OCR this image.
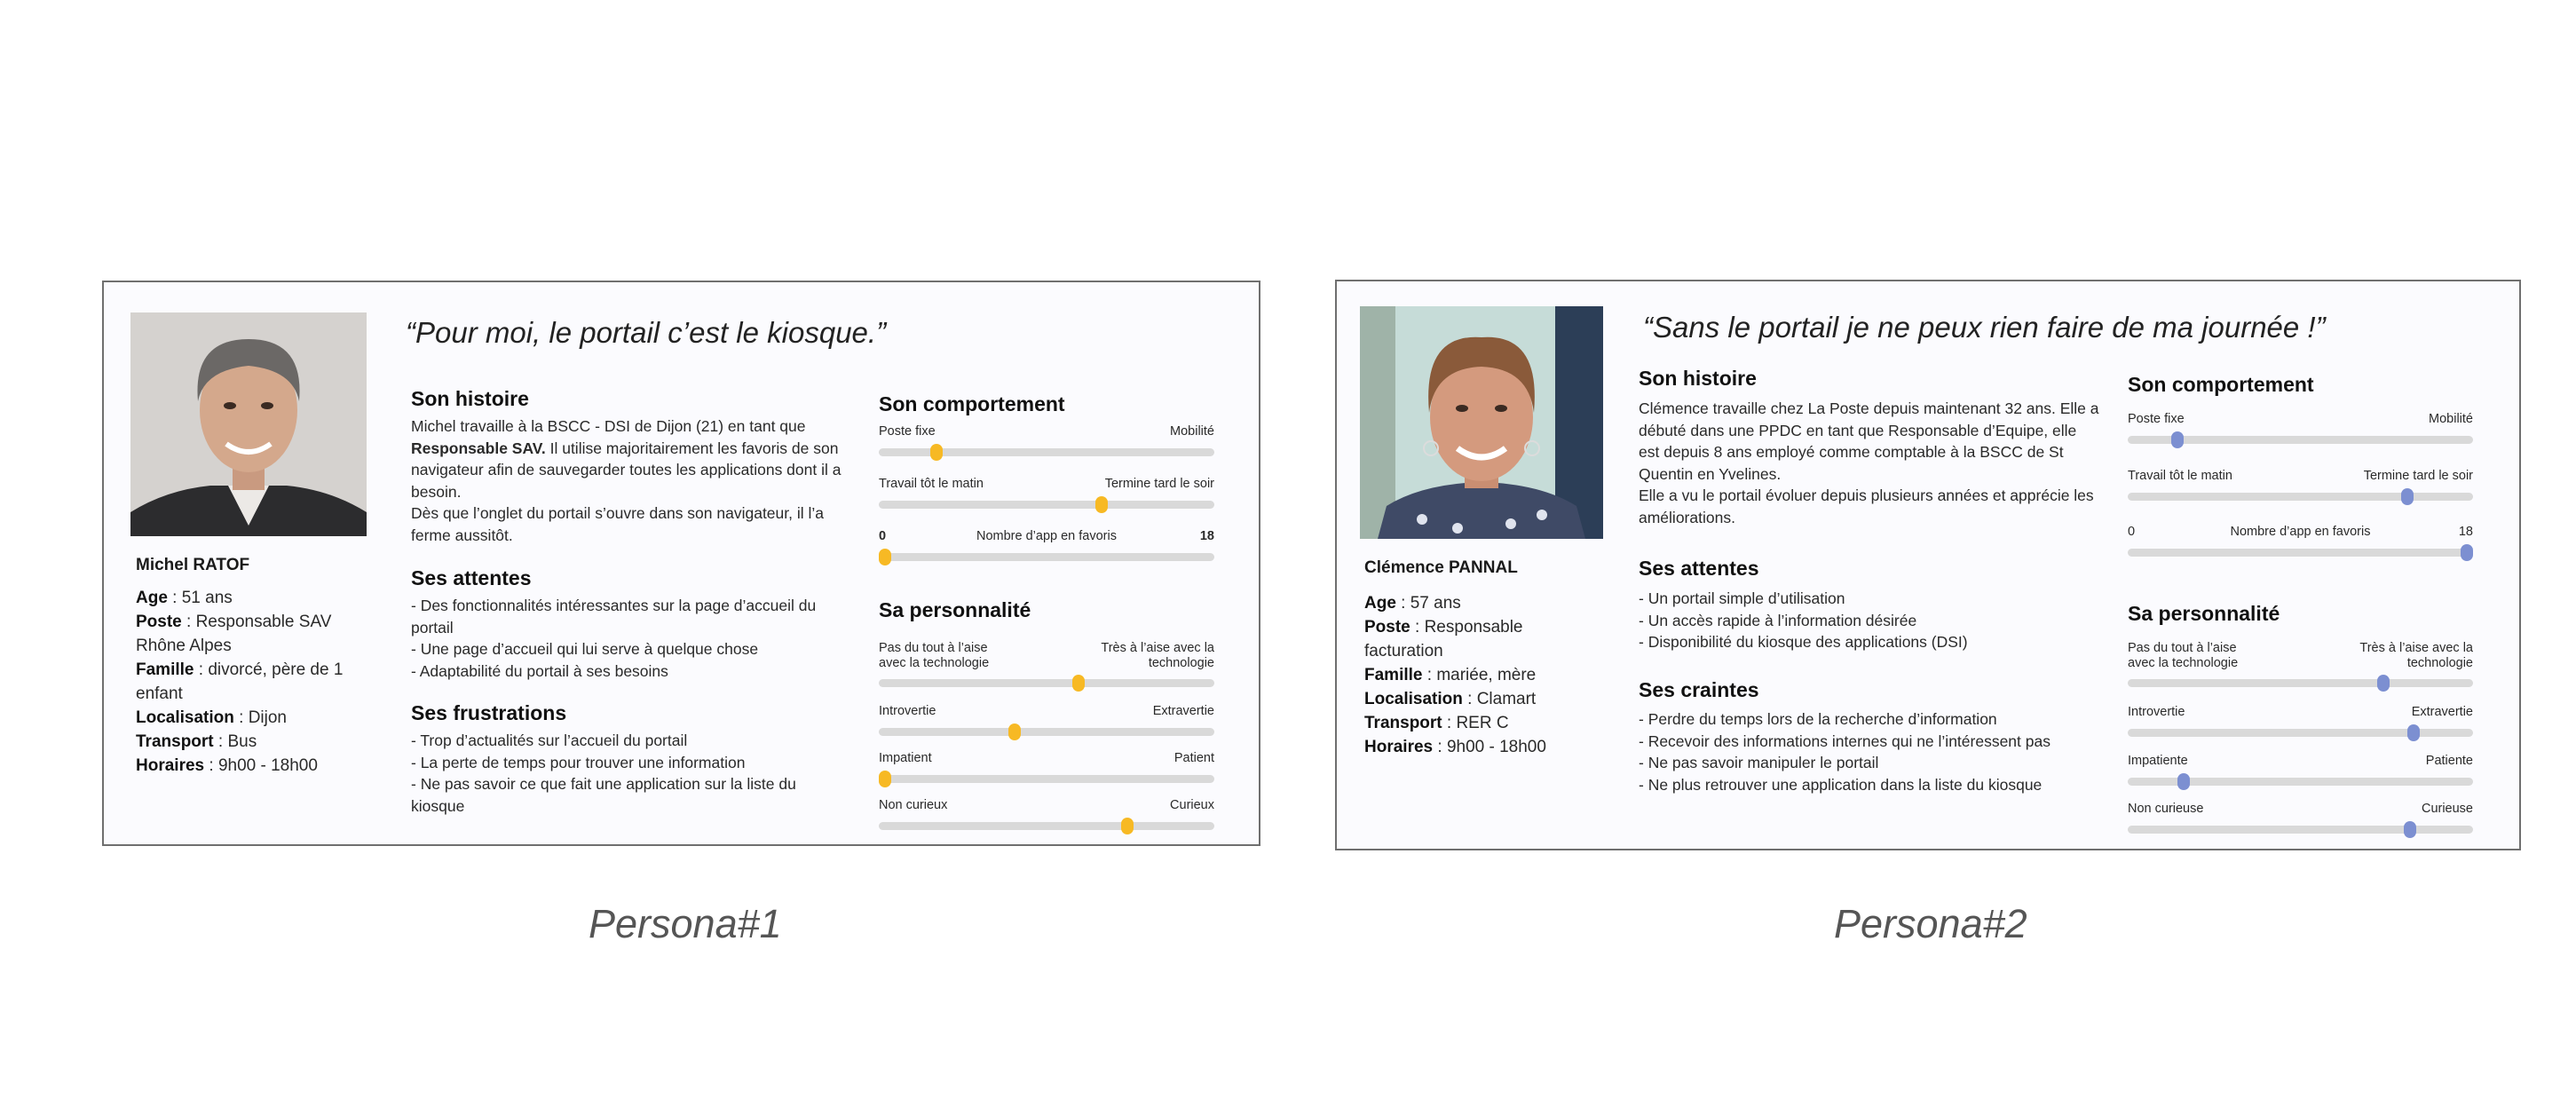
Michel RATOF
Age : 51 ans
Poste : Responsable SAV Rhône Alpes
Famille : divorcé, père de 1 enfant
Localisation : Dijon
Transport : Bus
Horaires : 9h00 - 18h00
“Pour moi, le portail c’est le kiosque.”
Son histoire
Michel travaille à la BSCC - DSI de Dijon (21) en tant que Responsable SAV. Il utilise majoritairement les favoris de son navigateur afin de sauvegarder toutes les applications dont il a besoin.
Dès que l’onglet du portail s’ouvre dans son navigateur, il l’a ferme aussitôt.
Ses attentes
- Des fonctionnalités intéressantes sur la page d’accueil du portail
- Une page d’accueil qui lui serve à quelque chose
- Adaptabilité du portail à ses besoins
Ses frustrations
- Trop d’actualités sur l’accueil du portail
- La perte de temps pour trouver une information
- Ne pas savoir ce que fait une application sur la liste du kiosque
Son comportement
Poste fixe	Mobilité
Travail tôt le matin	Termine tard le soir
Nombre d’app en favoris
0	18
Sa personnalité
Pas du tout à l’aise avec la technologie
Très à l’aise avec la technologie
Introvertie	Extravertie
Impatient	Patient
Non curieux	Curieux
Clémence PANNAL
Age : 57 ans
Poste : Responsable facturation
Famille : mariée, mère
Localisation : Clamart
Transport : RER C
Horaires : 9h00 - 18h00
“Sans le portail je ne peux rien faire de ma journée !”
Son histoire
Clémence travaille chez La Poste depuis maintenant 32 ans. Elle a débuté dans une PPDC en tant que Responsable d’Equipe, elle est depuis 8 ans employé comme comptable à la BSCC de St Quentin en Yvelines.
Elle a vu le portail évoluer depuis plusieurs années et apprécie les améliorations.
Ses attentes
- Un portail simple d’utilisation
- Un accès rapide à l’information désirée
- Disponibilité du kiosque des applications (DSI)
Ses craintes
- Perdre du temps lors de la recherche d’information
- Recevoir des informations internes qui ne l’intéressent pas
- Ne pas savoir manipuler le portail
- Ne plus retrouver une application dans la liste du kiosque
Son comportement
Poste fixe	Mobilité
Travail tôt le matin	Termine tard le soir
Nombre d’app en favoris
0	18
Sa personnalité
Pas du tout à l’aise avec la technologie
Très à l’aise avec la technologie
Introvertie	Extravertie
Impatiente	Patiente
Non curieuse	Curieuse
Persona#1	Persona#2
